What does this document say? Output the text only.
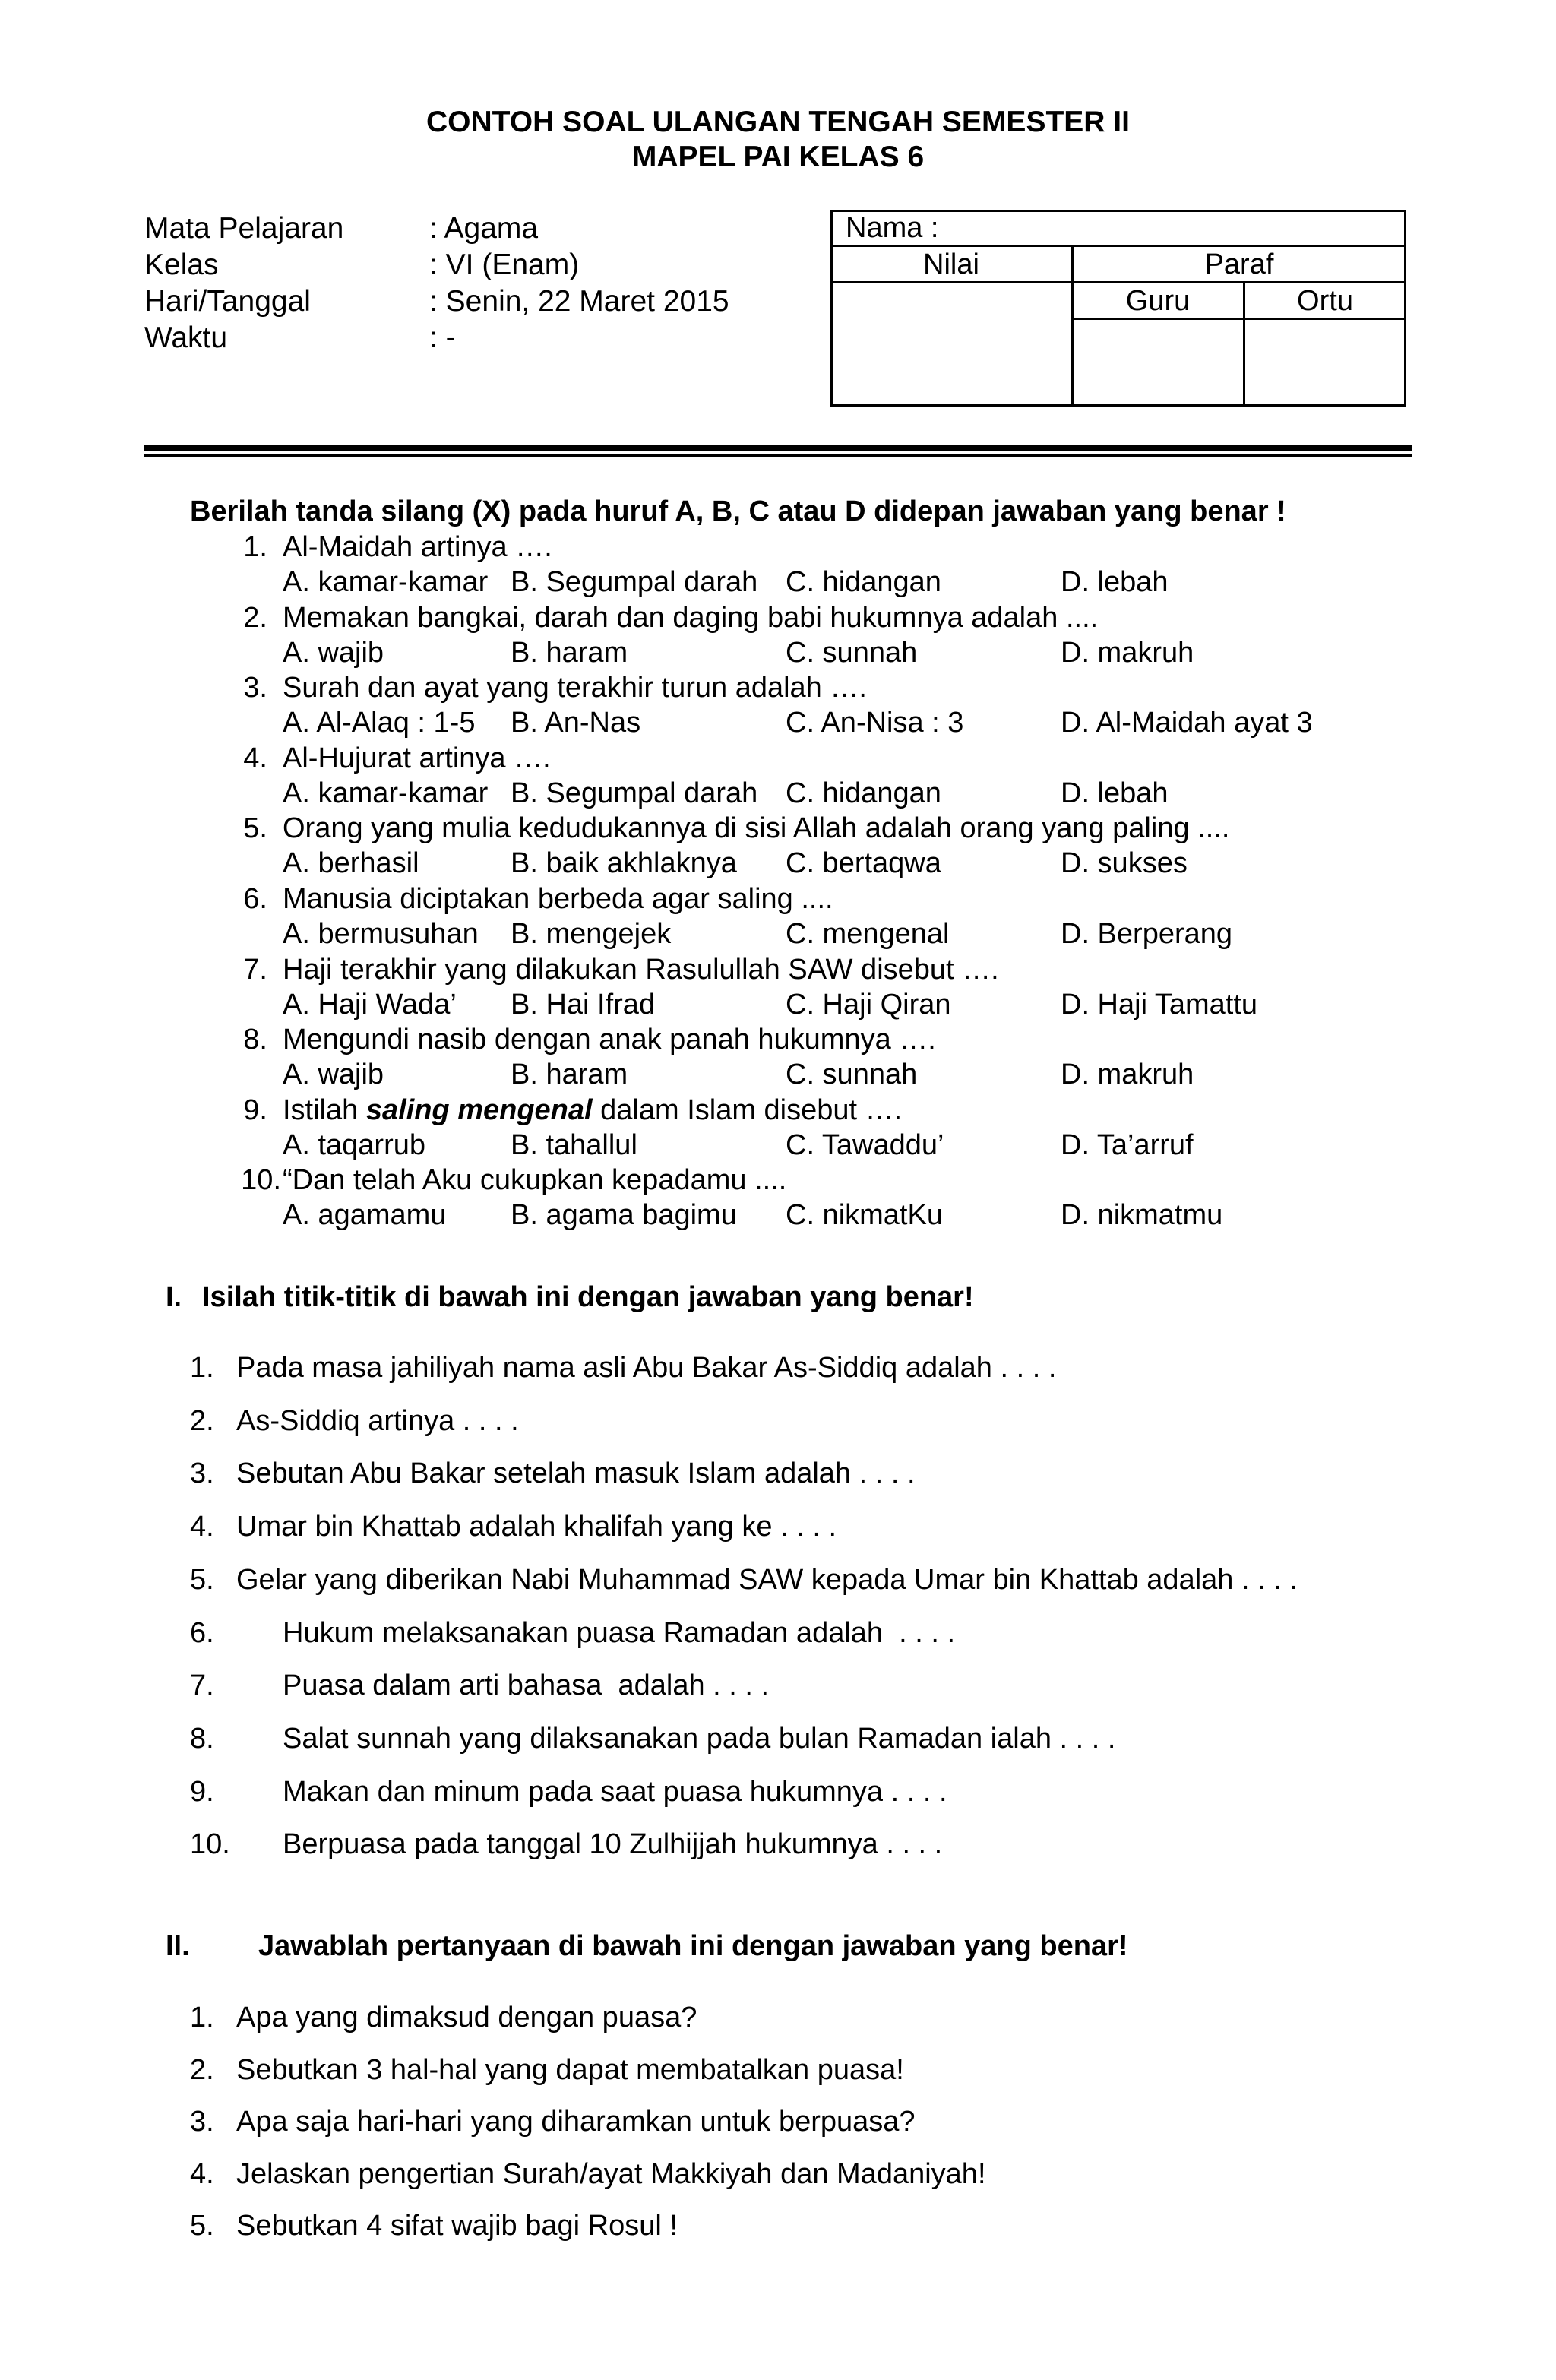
CONTOH SOAL ULANGAN TENGAH SEMESTER II
MAPEL PAI KELAS 6
Mata Pelajaran	: Agama
Kelas	: VI (Enam)
Hari/Tanggal	: Senin, 22 Maret 2015
Waktu	: -
Nama :
Nilai	Paraf
Guru	Ortu
Berilah tanda silang (X) pada huruf A, B, C atau D didepan jawaban yang benar !
1. Al-Maidah artinya ….
A. kamar-kamar B. Segumpal darah C. hidangan	D. lebah
2. Memakan bangkai, darah dan daging babi hukumnya adalah ....
A. wajib	B. haram	C. sunnah	D. makruh
3. Surah dan ayat yang terakhir turun adalah ….
A. Al-Alaq : 1-5 B. An-Nas	C. An-Nisa : 3	D. Al-Maidah ayat 3
4. Al-Hujurat artinya ….
A. kamar-kamar B. Segumpal darah C. hidangan	D. lebah
5. Orang yang mulia kedudukannya di sisi Allah adalah orang yang paling ....
A. berhasil	B. baik akhlaknya C. bertaqwa	D. sukses
6. Manusia diciptakan berbeda agar saling ....
A. bermusuhan B. mengejek	C. mengenal	D. Berperang
7. Haji terakhir yang dilakukan Rasulullah SAW disebut ….
A. Haji Wada’ B. Hai Ifrad	C. Haji Qiran	D. Haji Tamattu
8. Mengundi nasib dengan anak panah hukumnya ….
A. wajib	B. haram	C. sunnah	D. makruh
9. Istilah saling mengenal dalam Islam disebut ….
A. taqarrub	B. tahallul	C. Tawaddu’	D. Ta’arruf
10. “Dan telah Aku cukupkan kepadamu ....
A. agamamu B. agama bagimu C. nikmatKu	D. nikmatmu
I. Isilah titik-titik di bawah ini dengan jawaban yang benar!
1. Pada masa jahiliyah nama asli Abu Bakar As-Siddiq adalah . . . .
2. As-Siddiq artinya . . . .
3. Sebutan Abu Bakar setelah masuk Islam adalah . . . .
4. Umar bin Khattab adalah khalifah yang ke . . . .
5. Gelar yang diberikan Nabi Muhammad SAW kepada Umar bin Khattab adalah . . . .
6. Hukum melaksanakan puasa Ramadan adalah  . . . .
7. Puasa dalam arti bahasa  adalah . . . .
8. Salat sunnah yang dilaksanakan pada bulan Ramadan ialah . . . .
9. Makan dan minum pada saat puasa hukumnya . . . .
10. Berpuasa pada tanggal 10 Zulhijjah hukumnya . . . .
II. Jawablah pertanyaan di bawah ini dengan jawaban yang benar!
1. Apa yang dimaksud dengan puasa?
2. Sebutkan 3 hal-hal yang dapat membatalkan puasa!
3. Apa saja hari-hari yang diharamkan untuk berpuasa?
4. Jelaskan pengertian Surah/ayat Makkiyah dan Madaniyah!
5. Sebutkan 4 sifat wajib bagi Rosul !
